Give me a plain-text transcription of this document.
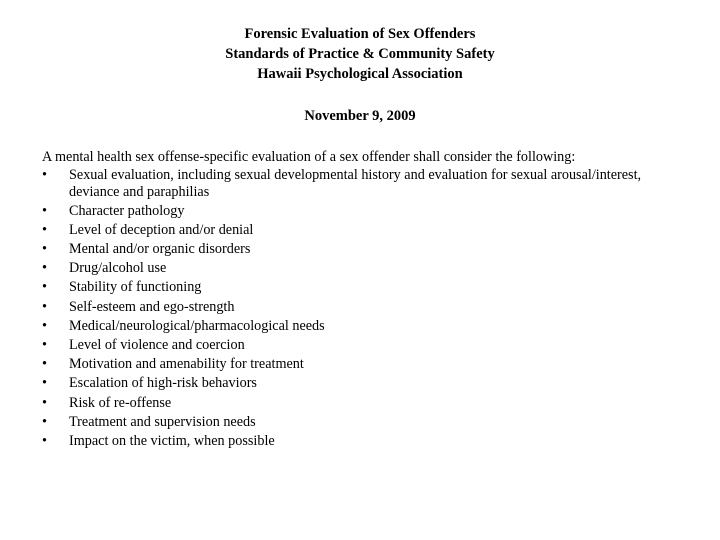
Forensic Evaluation of Sex Offenders
Standards of Practice & Community Safety
Hawaii Psychological Association
November 9, 2009
A mental health sex offense-specific evaluation of a sex offender shall consider the following:
•	Sexual evaluation, including sexual developmental history and evaluation for sexual arousal/interest, deviance and paraphilias
•	Character pathology
•	Level of deception and/or denial
•	Mental and/or organic disorders
•	Drug/alcohol use
•	Stability of functioning
•	Self-esteem and ego-strength
•	Medical/neurological/pharmacological needs
•	Level of violence and coercion
•	Motivation and amenability for treatment
•	Escalation of high-risk behaviors
•	Risk of re-offense
•	Treatment and supervision needs
•	Impact on the victim, when possible
